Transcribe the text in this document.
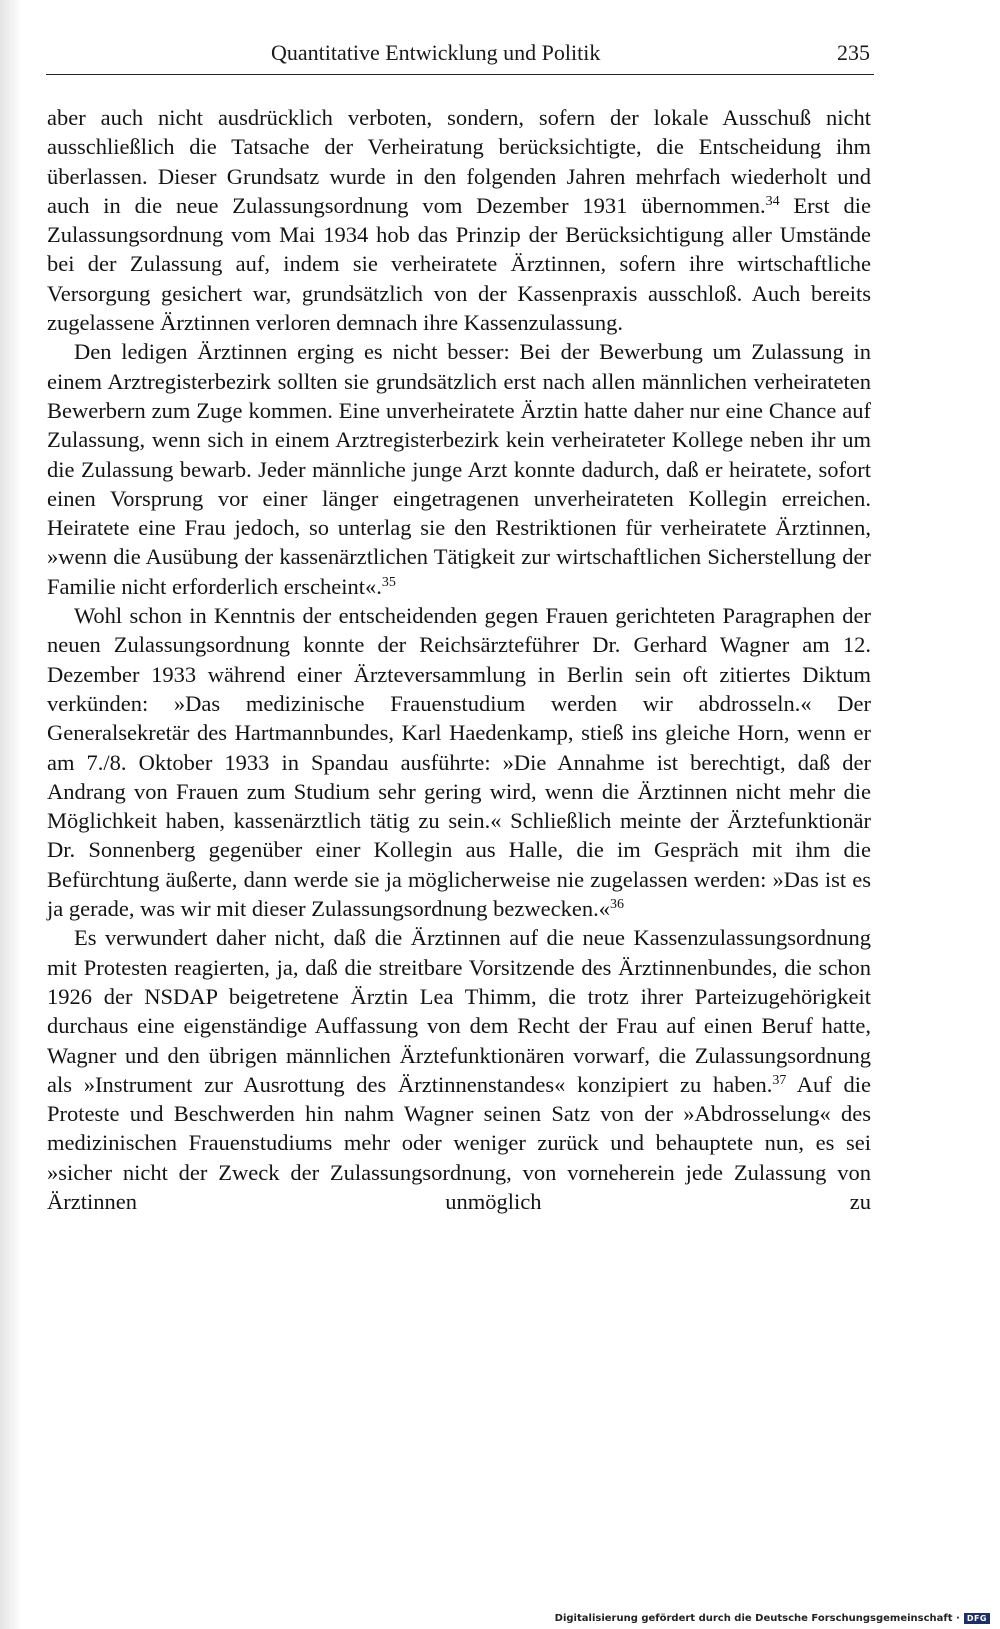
Quantitative Entwicklung und Politik	235

aber auch nicht ausdrücklich verboten, sondern, sofern der lokale Ausschuß nicht ausschließlich die Tatsache der Verheiratung berücksichtigte, die Entscheidung ihm überlassen. Dieser Grundsatz wurde in den folgenden Jahren mehrfach wiederholt und auch in die neue Zulassungsordnung vom Dezember 1931 übernommen.$^{34}$ Erst die Zulassungsordnung vom Mai 1934 hob das Prinzip der Berücksichtigung aller Umstände bei der Zulassung auf, indem sie verheiratete Ärztinnen, sofern ihre wirtschaftliche Versorgung gesichert war, grundsätzlich von der Kassenpraxis ausschloß. Auch bereits zugelassene Ärztinnen verloren demnach ihre Kassenzulassung.

Den ledigen Ärztinnen erging es nicht besser: Bei der Bewerbung um Zulassung in einem Arztregisterbezirk sollten sie grundsätzlich erst nach allen männlichen verheirateten Bewerbern zum Zuge kommen. Eine unverheiratete Ärztin hatte daher nur eine Chance auf Zulassung, wenn sich in einem Arztregisterbezirk kein verheirateter Kollege neben ihr um die Zulassung bewarb. Jeder männliche junge Arzt konnte dadurch, daß er heiratete, sofort einen Vorsprung vor einer länger eingetragenen unverheirateten Kollegin erreichen. Heiratete eine Frau jedoch, so unterlag sie den Restriktionen für verheiratete Ärztinnen, »wenn die Ausübung der kassenärztlichen Tätigkeit zur wirtschaftlichen Sicherstellung der Familie nicht erforderlich erscheint«.$^{35}$

Wohl schon in Kenntnis der entscheidenden gegen Frauen gerichteten Paragraphen der neuen Zulassungsordnung konnte der Reichsärzteführer Dr. Gerhard Wagner am 12. Dezember 1933 während einer Ärzteversammlung in Berlin sein oft zitiertes Diktum verkünden: »Das medizinische Frauenstudium werden wir abdrosseln.« Der Generalsekretär des Hartmannbundes, Karl Haedenkamp, stieß ins gleiche Horn, wenn er am 7./8. Oktober 1933 in Spandau ausführte: »Die Annahme ist berechtigt, daß der Andrang von Frauen zum Studium sehr gering wird, wenn die Ärztinnen nicht mehr die Möglichkeit haben, kassenärztlich tätig zu sein.« Schließlich meinte der Ärztefunktionär Dr. Sonnenberg gegenüber einer Kollegin aus Halle, die im Gespräch mit ihm die Befürchtung äußerte, dann werde sie ja möglicherweise nie zugelassen werden: »Das ist es ja gerade, was wir mit dieser Zulassungsordnung bezwecken.«$^{36}$

Es verwundert daher nicht, daß die Ärztinnen auf die neue Kassenzulassungsordnung mit Protesten reagierten, ja, daß die streitbare Vorsitzende des Ärztinnenbundes, die schon 1926 der NSDAP beigetretene Ärztin Lea Thimm, die trotz ihrer Parteizugehörigkeit durchaus eine eigenständige Auffassung von dem Recht der Frau auf einen Beruf hatte, Wagner und den übrigen männlichen Ärztefunktionären vorwarf, die Zulassungsordnung als »Instrument zur Ausrottung des Ärztinnenstandes« konzipiert zu haben.$^{37}$ Auf die Proteste und Beschwerden hin nahm Wagner seinen Satz von der »Abdrosselung« des medizinischen Frauenstudiums mehr oder weniger zurück und behauptete nun, es sei »sicher nicht der Zweck der Zulassungsordnung, von vorneherein jede Zulassung von Ärztinnen unmöglich zu

Digitalisierung gefördert durch die Deutsche Forschungsgemeinschaft · DFG
